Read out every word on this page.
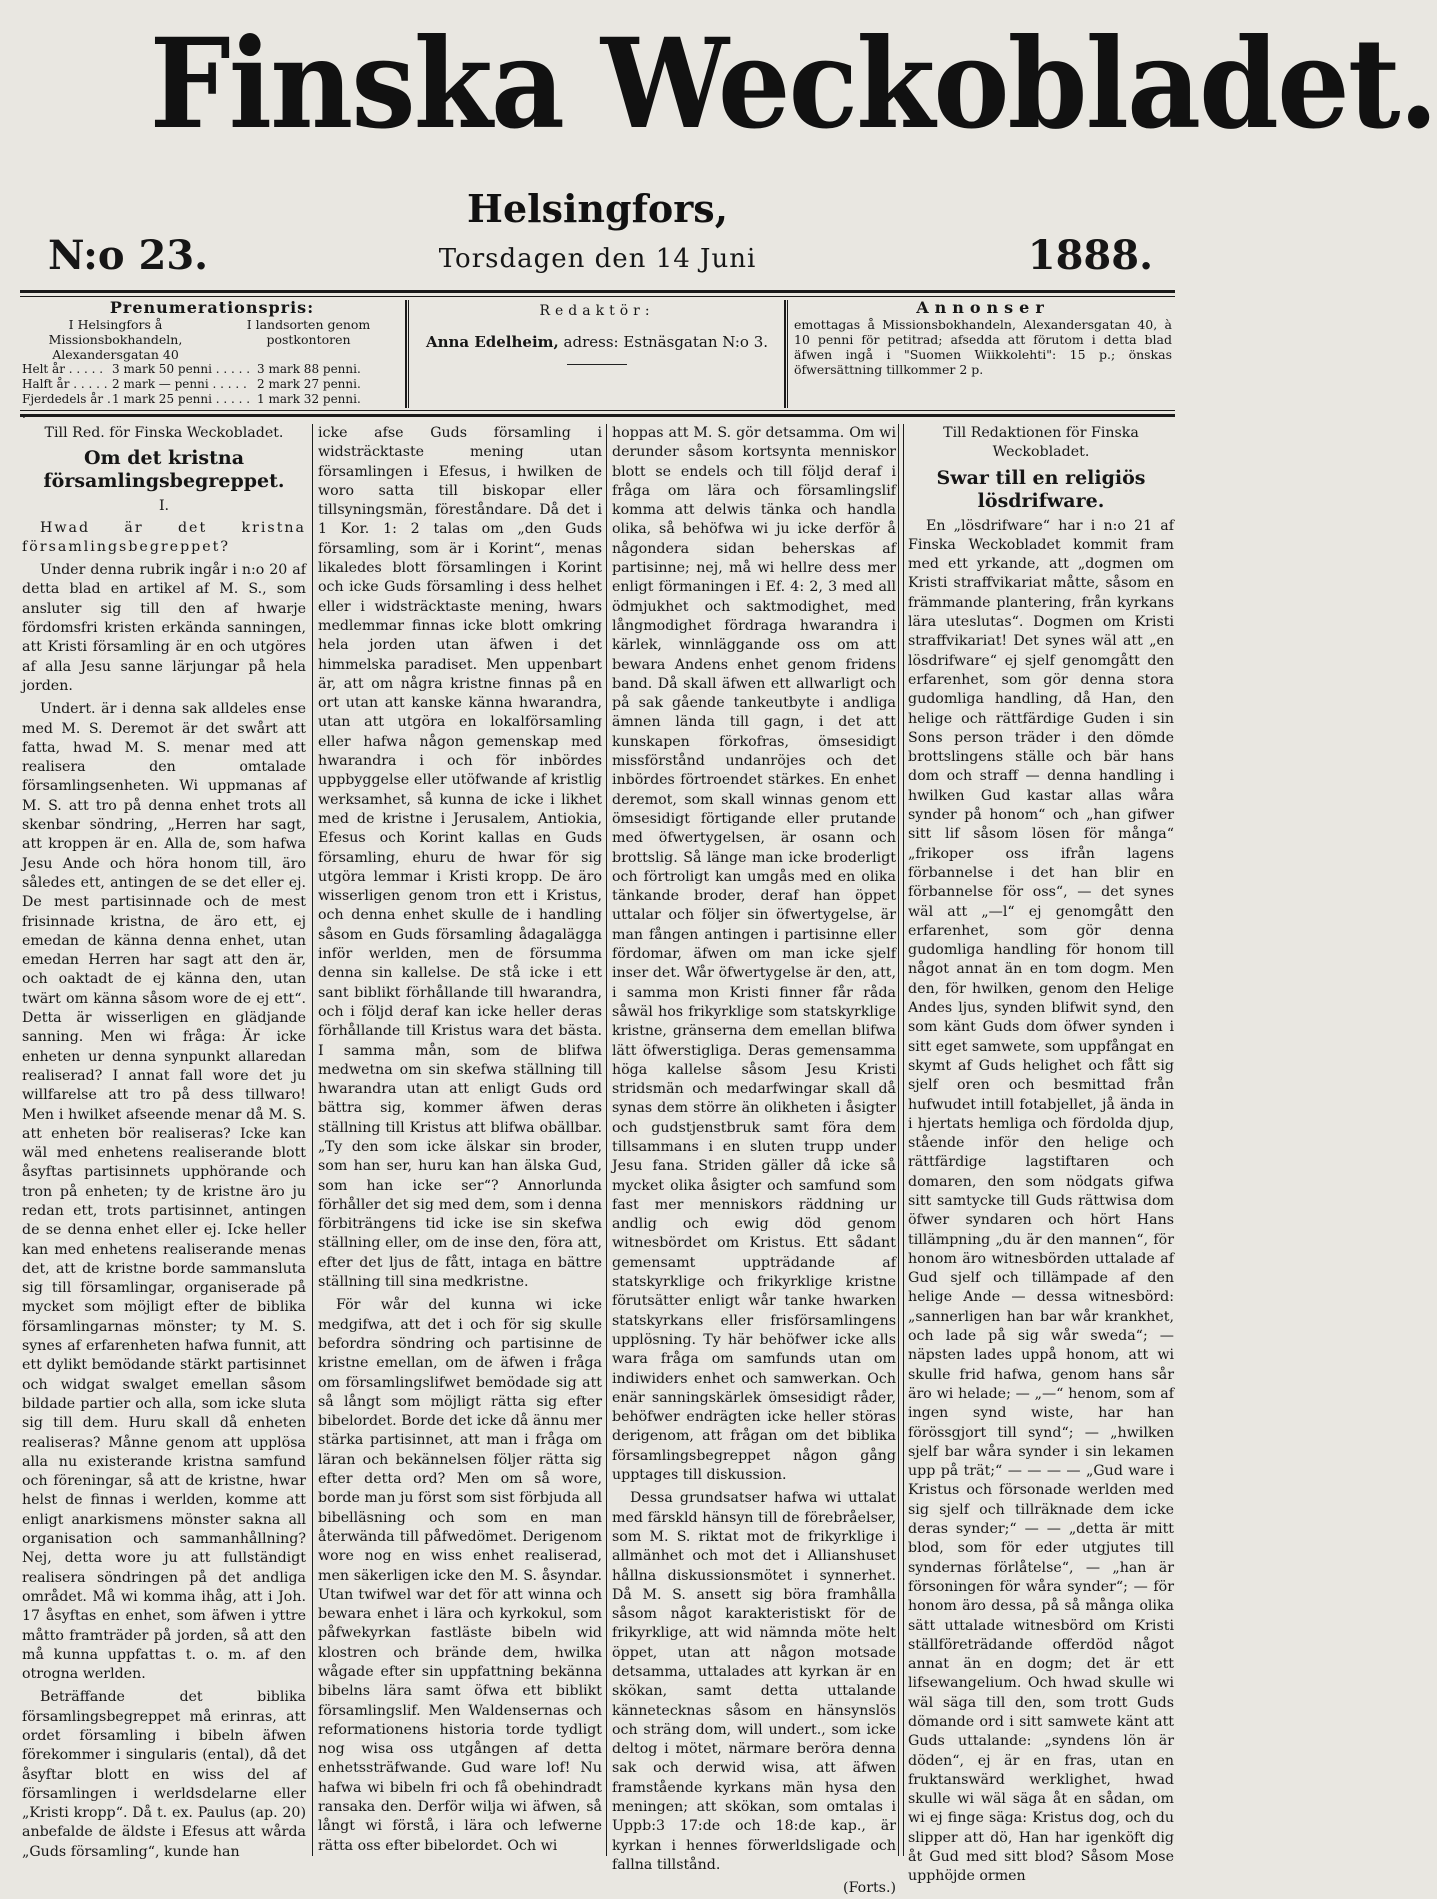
Finska Weckobladet.
Helsingfors,
N:o 23.	Torsdagen den 14 Juni	1888.
Prenumerationspris:
I Helsingfors å Missionsbokhandeln, Alexandersgatan 40
I landsorten genom postkontoren
Helt år . . . . . 3 mark 50 penni . . . . . 3 mark 88 penni.
Halft år . . . . . 2 mark — penni . . . . . 2 mark 27 penni.
Fjerdedels år . 1 mark 25 penni . . . . . 1 mark 32 penni.
Redaktör:
Anna Edelheim, adress: Estnäsgatan N:o 3.
Annonser
emottagas å Missionsbokhandeln, Alexandersgatan 40, à 10 penni för petitrad; afsedda att förutom i detta blad äfwen ingå i "Suomen Wiikkolehti": 15 p.; önskas öfwersättning tillkommer 2 p.

Till Red. för Finska Weckobladet.

Om det kristna församlingsbegreppet.

I.

Hwad är det kristna församlingsbegreppet?

Under denna rubrik ingår i n:o 20 af detta blad en artikel af M. S., som ansluter sig till den af hwarje fördomsfri kristen erkända sanningen, att Kristi församling är en och utgöres af alla Jesu sanne lärjungar på hela jorden.

Undert. är i denna sak alldeles ense med M. S. Deremot är det swårt att fatta, hwad M. S. menar med att realisera den omtalade församlingsenheten. Wi uppmanas af M. S. att tro på denna enhet trots all skenbar söndring, „Herren har sagt, att kroppen är en. Alla de, som hafwa Jesu Ande och höra honom till, äro således ett, antingen de se det eller ej. De mest partisinnade och de mest frisinnade kristna, de äro ett, ej emedan de känna denna enhet, utan emedan Herren har sagt att den är, och oaktadt de ej känna den, utan twärt om känna såsom wore de ej ett“. Detta är wisserligen en glädjande sanning. Men wi fråga: Är icke enheten ur denna synpunkt allaredan realiserad? I annat fall wore det ju willfarelse att tro på dess tillwaro! Men i hwilket afseende menar då M. S. att enheten bör realiseras? Icke kan wäl med enhetens realiserande blott åsyftas partisinnets upphörande och tron på enheten; ty de kristne äro ju redan ett, trots partisinnet, antingen de se denna enhet eller ej. Icke heller kan med enhetens realiserande menas det, att de kristne borde sammansluta sig till församlingar, organiserade på mycket som möjligt efter de biblika församlingarnas mönster; ty M. S. synes af erfarenheten hafwa funnit, att ett dylikt bemödande stärkt partisinnet och widgat swalget emellan såsom bildade partier och alla, som icke sluta sig till dem. Huru skall då enheten realiseras? Månne genom att upplösa alla nu existerande kristna samfund och föreningar, så att de kristne, hwar helst de finnas i werlden, komme att enligt anarkismens mönster sakna all organisation och sammanhållning? Nej, detta wore ju att fullständigt realisera söndringen på det andliga området. Må wi komma ihåg, att i Joh. 17 åsyftas en enhet, som äfwen i yttre måtto framträder på jorden, så att den må kunna uppfattas t. o. m. af den otrogna werlden.

Beträffande det biblika församlingsbegreppet må erinras, att ordet församling i bibeln äfwen förekommer i singularis (ental), då det åsyftar blott en wiss del af församlingen i werldsdelarne eller „Kristi kropp“. Då t. ex. Paulus (ap. 20) anbefalde de äldste i Efesus att wårda „Guds församling“, kunde han

icke afse Guds församling i widsträcktaste mening utan församlingen i Efesus, i hwilken de woro satta till biskopar eller tillsyningsmän, föreståndare. Då det i 1 Kor. 1: 2 talas om „den Guds församling, som är i Korint“, menas likaledes blott församlingen i Korint och icke Guds församling i dess helhet eller i widsträcktaste mening, hwars medlemmar finnas icke blott omkring hela jorden utan äfwen i det himmelska paradiset. Men uppenbart är, att om några kristne finnas på en ort utan att kanske känna hwarandra, utan att utgöra en lokalförsamling eller hafwa någon gemenskap med hwarandra i och för inbördes uppbyggelse eller utöfwande af kristlig werksamhet, så kunna de icke i likhet med de kristne i Jerusalem, Antiokia, Efesus och Korint kallas en Guds församling, ehuru de hwar för sig utgöra lemmar i Kristi kropp. De äro wisserligen genom tron ett i Kristus, och denna enhet skulle de i handling såsom en Guds församling ådagalägga inför werlden, men de försumma denna sin kallelse. De stå icke i ett sant biblikt förhållande till hwarandra, och i följd deraf kan icke heller deras förhållande till Kristus wara det bästa. I samma mån, som de blifwa medwetna om sin skefwa ställning till hwarandra utan att enligt Guds ord bättra sig, kommer äfwen deras ställning till Kristus att blifwa obällbar. „Ty den som icke älskar sin broder, som han ser, huru kan han älska Gud, som han icke ser“? Annorlunda förhåller det sig med dem, som i denna förbiträngens tid icke ise sin skefwa ställning eller, om de inse den, föra att, efter det ljus de fått, intaga en bättre ställning till sina medkristne.

För wår del kunna wi icke medgifwa, att det i och för sig skulle befordra söndring och partisinne de kristne emellan, om de äfwen i fråga om församlingslifwet bemödade sig att så långt som möjligt rätta sig efter bibelordet. Borde det icke då ännu mer stärka partisinnet, att man i fråga om läran och bekännelsen följer rätta sig efter detta ord? Men om så wore, borde man ju först som sist förbjuda all bibelläsning och som en man återwända till påfwedömet. Derigenom wore nog en wiss enhet realiserad, men säkerligen icke den M. S. åsyndar. Utan twifwel war det för att winna och bewara enhet i lära och kyrkokul, som påfwekyrkan fastläste bibeln wid klostren och brände dem, hwilka wågade efter sin uppfattning bekänna bibelns lära samt öfwa ett biblikt församlingslif. Men Waldensernas och reformationens historia torde tydligt nog wisa oss utgången af detta enhetssträfwande. Gud ware lof! Nu hafwa wi bibeln fri och få obehindradt ransaka den. Derför wilja wi äfwen, så långt wi förstå, i lära och lefwerne rätta oss efter bibelordet. Och wi

hoppas att M. S. gör detsamma. Om wi derunder såsom kortsynta menniskor blott se endels och till följd deraf i fråga om lära och församlingslif komma att delwis tänka och handla olika, så behöfwa wi ju icke derför å någondera sidan beherskas af partisinne; nej, må wi hellre dess mer enligt förmaningen i Ef. 4: 2, 3 med all ödmjukhet och saktmodighet, med långmodighet fördraga hwarandra i kärlek, winnläggande oss om att bewara Andens enhet genom fridens band. Då skall äfwen ett allwarligt och på sak gående tankeutbyte i andliga ämnen lända till gagn, i det att kunskapen förkofras, ömsesidigt missförstånd undanröjes och det inbördes förtroendet stärkes. En enhet deremot, som skall winnas genom ett ömsesidigt förtigande eller prutande med öfwertygelsen, är osann och brottslig. Så länge man icke broderligt och förtroligt kan umgås med en olika tänkande broder, deraf han öppet uttalar och följer sin öfwertygelse, är man fången antingen i partisinne eller fördomar, äfwen om man icke sjelf inser det. Wår öfwertygelse är den, att, i samma mon Kristi finner får råda såwäl hos frikyrklige som statskyrklige kristne, gränserna dem emellan blifwa lätt öfwerstigliga. Deras gemensamma höga kallelse såsom Jesu Kristi stridsmän och medarfwingar skall då synas dem större än olikheten i åsigter och gudstjenstbruk samt föra dem tillsammans i en sluten trupp under Jesu fana. Striden gäller då icke så mycket olika åsigter och samfund som fast mer menniskors räddning ur andlig och ewig död genom witnesbördet om Kristus. Ett sådant gemensamt uppträdande af statskyrklige och frikyrklige kristne förutsätter enligt wår tanke hwarken statskyrkans eller frisförsamlingens upplösning. Ty här behöfwer icke alls wara fråga om samfunds utan om indiwiders enhet och samwerkan. Och enär sanningskärlek ömsesidigt råder, behöfwer endrägten icke heller störas derigenom, att frågan om det biblika församlingsbegreppet någon gång upptages till diskussion.

Dessa grundsatser hafwa wi uttalat med färskld hänsyn till de förebråelser, som M. S. riktat mot de frikyrklige i allmänhet och mot det i Allianshuset hållna diskussionsmötet i synnerhet. Då M. S. ansett sig böra framhålla såsom något karakteristiskt för de frikyrklige, att wid nämnda möte helt öppet, utan att någon motsade detsamma, uttalades att kyrkan är en skökan, samt detta uttalande kännetecknas såsom en hänsynslös och sträng dom, will undert., som icke deltog i mötet, närmare beröra denna sak och derwid wisa, att äfwen framstående kyrkans män hysa den meningen; att skökan, som omtalas i Uppb:3 17:de och 18:de kap., är kyrkan i hennes förwerldsligade och fallna tillstånd.

(Forts.)

Till Redaktionen för Finska Weckobladet.

Swar till en religiös lösdrifware.

En „lösdrifware“ har i n:o 21 af Finska Weckobladet kommit fram med ett yrkande, att „dogmen om Kristi straffvikariat måtte, såsom en främmande plantering, från kyrkans lära uteslutas“. Dogmen om Kristi straffvikariat! Det synes wäl att „en lösdrifware“ ej sjelf genomgått den erfarenhet, som gör denna stora gudomliga handling, då Han, den helige och rättfärdige Guden i sin Sons person träder i den dömde brottslingens ställe och bär hans dom och straff — denna handling i hwilken Gud kastar allas wåra synder på honom“ och „han gifwer sitt lif såsom lösen för många“ „frikoper oss ifrån lagens förbannelse i det han blir en förbannelse för oss“, — det synes wäl att „—l“ ej genomgått den erfarenhet, som gör denna gudomliga handling för honom till något annat än en tom dogm. Men den, för hwilken, genom den Helige Andes ljus, synden blifwit synd, den som känt Guds dom öfwer synden i sitt eget samwete, som uppfångat en skymt af Guds helighet och fått sig sjelf oren och besmittad från hufwudet intill fotabjellet, jå ända in i hjertats hemliga och fördolda djup, stående inför den helige och rättfärdige lagstiftaren och domaren, den som nödgats gifwa sitt samtycke till Guds rättwisa dom öfwer syndaren och hört Hans tillämpning „du är den mannen“, för honom äro witnesbörden uttalade af Gud sjelf och tillämpade af den helige Ande — dessa witnesbörd: „sannerligen han bar wår krankhet, och lade på sig wår sweda“; — näpsten lades uppå honom, att wi skulle frid hafwa, genom hans sår äro wi helade; — „—“ henom, som af ingen synd wiste, har han förössgjort till synd“; — „hwilken sjelf bar wåra synder i sin lekamen upp på trät;“ — — — — „Gud ware i Kristus och försonade werlden med sig sjelf och tillräknade dem icke deras synder;“ — — „detta är mitt blod, som för eder utgjutes till syndernas förlåtelse“, — „han är försoningen för wåra synder“; — för honom äro dessa, på så många olika sätt uttalade witnesbörd om Kristi ställföreträdande offerdöd något annat än en dogm; det är ett lifsewangelium. Och hwad skulle wi wäl säga till den, som trott Guds dömande ord i sitt samwete känt att Guds uttalande: „syndens lön är döden“, ej är en fras, utan en fruktanswärd werklighet, hwad skulle wi wäl säga åt en sådan, om wi ej finge säga: Kristus dog, och du slipper att dö, Han har igenköft dig åt Gud med sitt blod? Såsom Mose upphöjde ormen
